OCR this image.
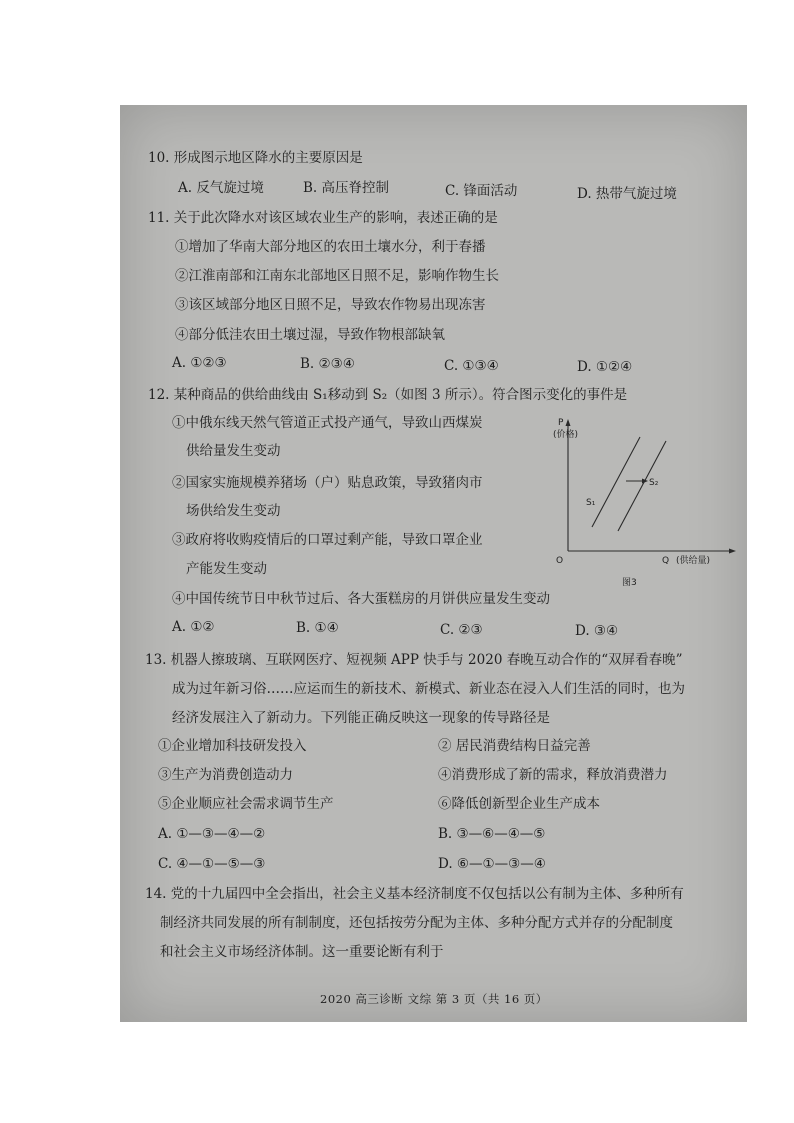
10. 形成图示地区降水的主要原因是
A. 反气旋过境	B. 高压脊控制	C. 锋面活动	D. 热带气旋过境
11. 关于此次降水对该区域农业生产的影响，表述正确的是
①增加了华南大部分地区的农田土壤水分，利于春播
②江淮南部和江南东北部地区日照不足，影响作物生长
③该区域部分地区日照不足，导致农作物易出现冻害
④部分低洼农田土壤过湿，导致作物根部缺氧
A. ①②③	B. ②③④	C. ①③④	D. ①②④
12. 某种商品的供给曲线由 S₁移动到 S₂（如图 3 所示）。符合图示变化的事件是
①中俄东线天然气管道正式投产通气，导致山西煤炭
供给量发生变动
②国家实施规模养猪场（户）贴息政策，导致猪肉市
场供给发生变动
③政府将收购疫情后的口罩过剩产能，导致口罩企业
产能发生变动
④中国传统节日中秋节过后、各大蛋糕房的月饼供应量发生变动
A. ①②	B. ①④	C. ②③	D. ③④
P
(价格)
O	Q (供给量)
S₁
S₂
图3
13. 机器人擦玻璃、互联网医疗、短视频 APP 快手与 2020 春晚互动合作的“双屏看春晚”
成为过年新习俗……应运而生的新技术、新模式、新业态在浸入人们生活的同时，也为
经济发展注入了新动力。下列能正确反映这一现象的传导路径是
①企业增加科技研发投入	② 居民消费结构日益完善
③生产为消费创造动力	④消费形成了新的需求，释放消费潜力
⑤企业顺应社会需求调节生产	⑥降低创新型企业生产成本
A. ①—③—④—②	B. ③—⑥—④—⑤
C. ④—①—⑤—③	D. ⑥—①—③—④
14. 党的十九届四中全会指出，社会主义基本经济制度不仅包括以公有制为主体、多种所有
制经济共同发展的所有制制度，还包括按劳分配为主体、多种分配方式并存的分配制度
和社会主义市场经济体制。这一重要论断有利于
2020 高三诊断 文综 第 3 页（共 16 页）
